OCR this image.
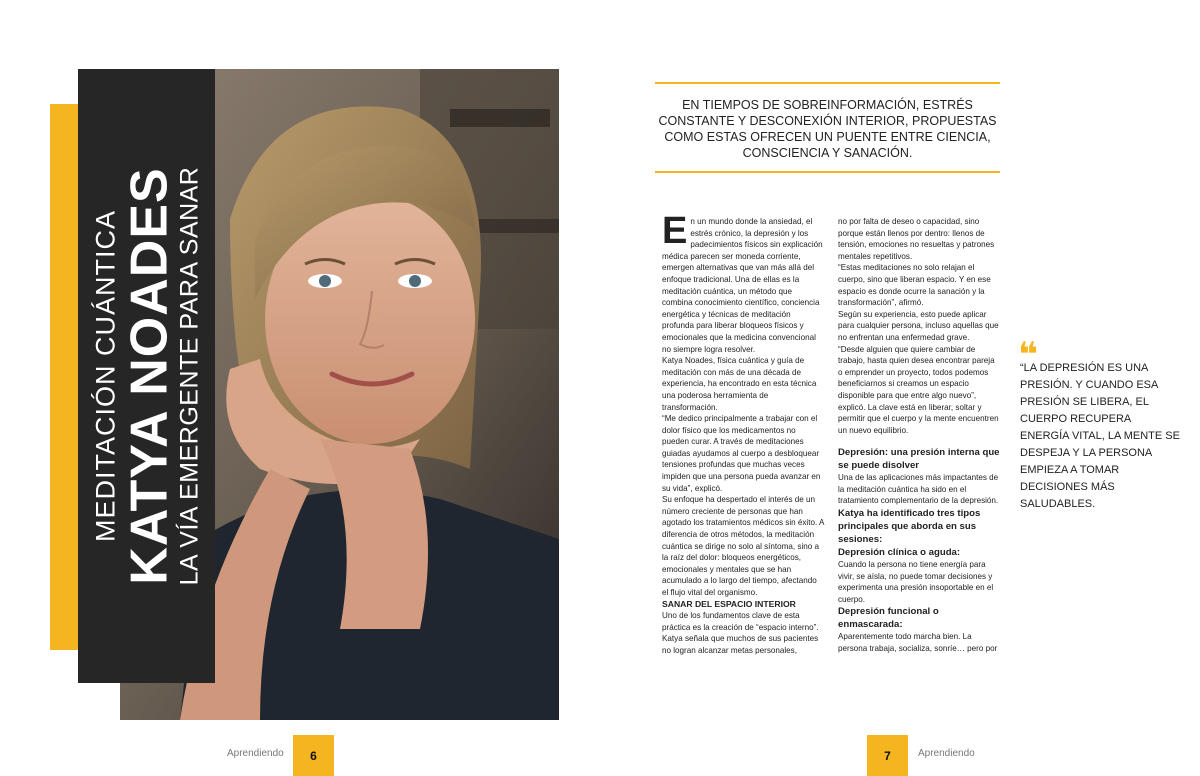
MEDITACIÓN CUÁNTICA KATYA NOADES
LA VÍA EMERGENTE PARA SANAR
Aprendiendo	6
EN TIEMPOS DE SOBREINFORMACIÓN, ESTRÉS CONSTANTE Y DESCONEXIÓN INTERIOR, PROPUESTAS COMO ESTAS OFRECEN UN PUENTE ENTRE CIENCIA, CONSCIENCIA Y SANACIÓN.
E n un mundo donde la ansiedad, el estrés crónico, la depresión y los padecimientos físicos sin explicación médica parecen ser moneda corriente, emergen alternativas que van más allá del enfoque tradicional. Una de ellas es la meditación cuántica, un método que combina conocimiento científico, conciencia energética y técnicas de meditación profunda para liberar bloqueos físicos y emocionales que la medicina convencional no siempre logra resolver.

Katya Noades, física cuántica y guía de meditación con más de una década de experiencia, ha encontrado en esta técnica una poderosa herramienta de transformación.

“Me dedico principalmente a trabajar con el dolor físico que los medicamentos no pueden curar. A través de meditaciones guiadas ayudamos al cuerpo a desbloquear tensiones profundas que muchas veces impiden que una persona pueda avanzar en su vida”, explicó.

Su enfoque ha despertado el interés de un número creciente de personas que han agotado los tratamientos médicos sin éxito. A diferencia de otros métodos, la meditación cuántica se dirige no solo al síntoma, sino a la raíz del dolor: bloqueos energéticos, emocionales y mentales que se han acumulado a lo largo del tiempo, afectando el flujo vital del organismo.

SANAR DEL ESPACIO INTERIOR

Uno de los fundamentos clave de esta práctica es la creación de “espacio interno”. Katya señala que muchos de sus pacientes no logran alcanzar metas personales,

no por falta de deseo o capacidad, sino porque están llenos por dentro: llenos de tensión, emociones no resueltas y patrones mentales repetitivos.

“Estas meditaciones no solo relajan el cuerpo, sino que liberan espacio. Y en ese espacio es donde ocurre la sanación y la transformación”, afirmó.

Según su experiencia, esto puede aplicar para cualquier persona, incluso aquellas que no enfrentan una enfermedad grave.

“Desde alguien que quiere cambiar de trabajo, hasta quien desea encontrar pareja o emprender un proyecto, todos podemos beneficiarnos si creamos un espacio disponible para que entre algo nuevo”, explicó. La clave está en liberar, soltar y permitir que el cuerpo y la mente encuentren un nuevo equilibrio.

Depresión: una presión interna que se puede disolver

Una de las aplicaciones más impactantes de la meditación cuántica ha sido en el tratamiento complementario de la depresión.

Katya ha identificado tres tipos principales que aborda en sus sesiones:

Depresión clínica o aguda:

Cuando la persona no tiene energía para vivir, se aísla, no puede tomar decisiones y experimenta una presión insoportable en el cuerpo.

Depresión funcional o enmascarada:

Aparentemente todo marcha bien. La persona trabaja, socializa, sonríe… pero por

❝
“LA DEPRESIÓN ES UNA PRESIÓN. Y CUANDO ESA PRESIÓN SE LIBERA, EL CUERPO RECUPERA ENERGÍA VITAL, LA MENTE SE DESPEJA Y LA PERSONA EMPIEZA A TOMAR DECISIONES MÁS SALUDABLES.
7	Aprendiendo
